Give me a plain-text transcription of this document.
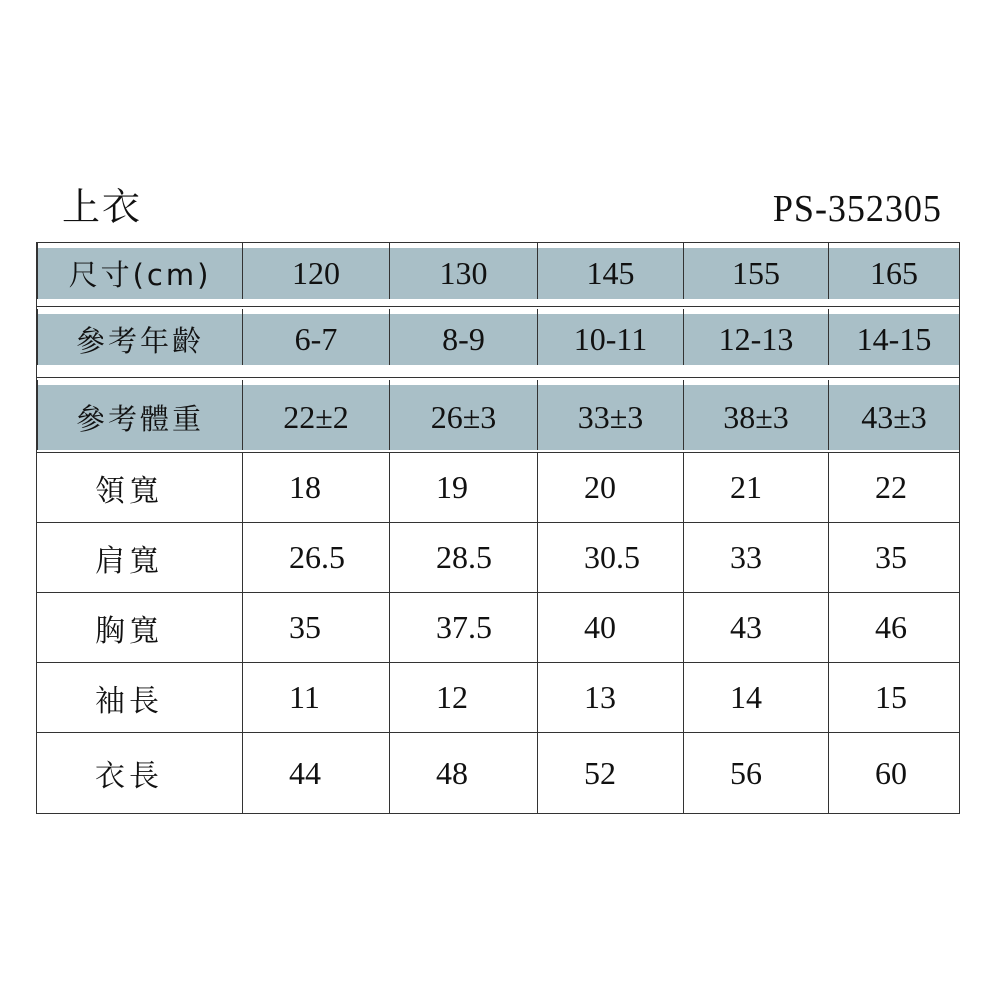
上衣	PS-352305
尺寸(cm)	120	130	145	155	165
參考年齡	6-7	8-9	10-11	12-13	14-15
參考體重	22±2	26±3	33±3	38±3	43±3
領寬	18	19	20	21	22
肩寬	26.5	28.5	30.5	33	35
胸寬	35	37.5	40	43	46
袖長	11	12	13	14	15
衣長	44	48	52	56	60
